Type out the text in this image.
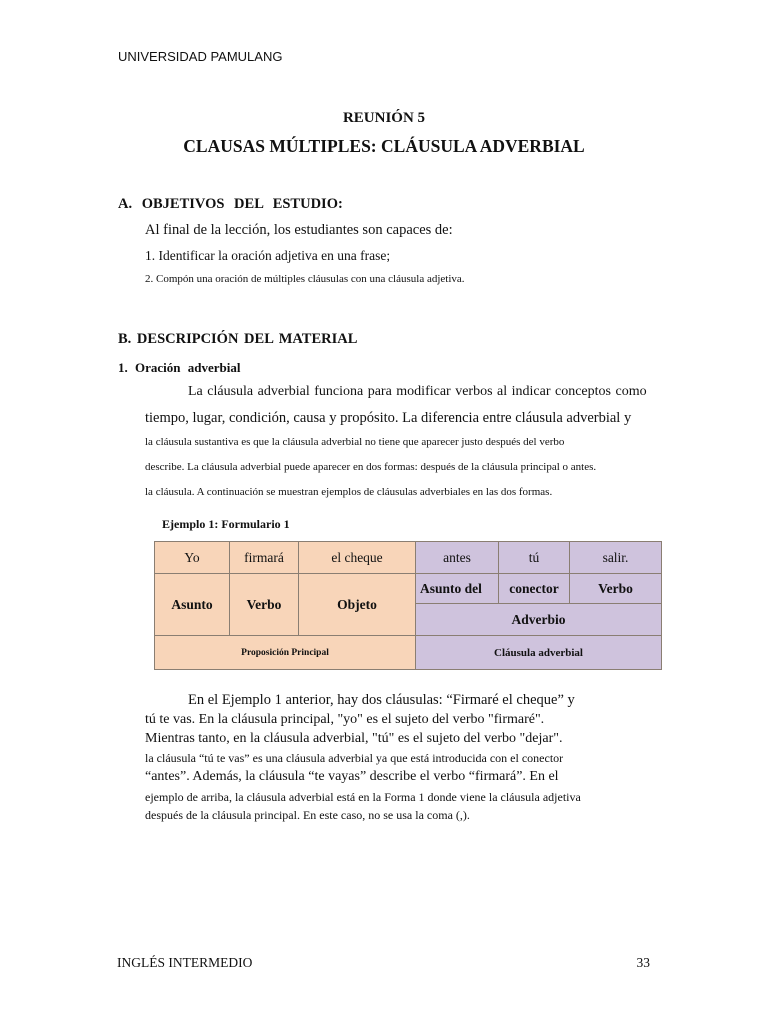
UNIVERSIDAD PAMULANG
REUNIÓN 5
CLAUSAS MÚLTIPLES: CLÁUSULA ADVERBIAL
A. OBJETIVOS DEL ESTUDIO:
Al final de la lección, los estudiantes son capaces de:
1. Identificar la oración adjetiva en una frase;
2. Compón una oración de múltiples cláusulas con una cláusula adjetiva.
B. DESCRIPCIÓN DEL MATERIAL
1. Oración adverbial
La cláusula adverbial funciona para modificar verbos al indicar conceptos como
tiempo, lugar, condición, causa y propósito. La diferencia entre cláusula adverbial y
la cláusula sustantiva es que la cláusula adverbial no tiene que aparecer justo después del verbo
describe. La cláusula adverbial puede aparecer en dos formas: después de la cláusula principal o antes.
la cláusula. A continuación se muestran ejemplos de cláusulas adverbiales en las dos formas.
Ejemplo 1: Formulario 1
Yo	firmará	el cheque	antes	tú	salir.
Asunto	Verbo	Objeto	Asunto del	conector	Verbo
			Adverbio		
Proposición Principal			Cláusula adverbial		
En el Ejemplo 1 anterior, hay dos cláusulas: “Firmaré el cheque” y
tú te vas. En la cláusula principal, "yo" es el sujeto del verbo "firmaré".
Mientras tanto, en la cláusula adverbial, "tú" es el sujeto del verbo "dejar".
la cláusula “tú te vas” es una cláusula adverbial ya que está introducida con el conector
“antes”. Además, la cláusula “te vayas” describe el verbo “firmará”. En el
ejemplo de arriba, la cláusula adverbial está en la Forma 1 donde viene la cláusula adjetiva
después de la cláusula principal. En este caso, no se usa la coma (,).
INGLÉS INTERMEDIO	33
